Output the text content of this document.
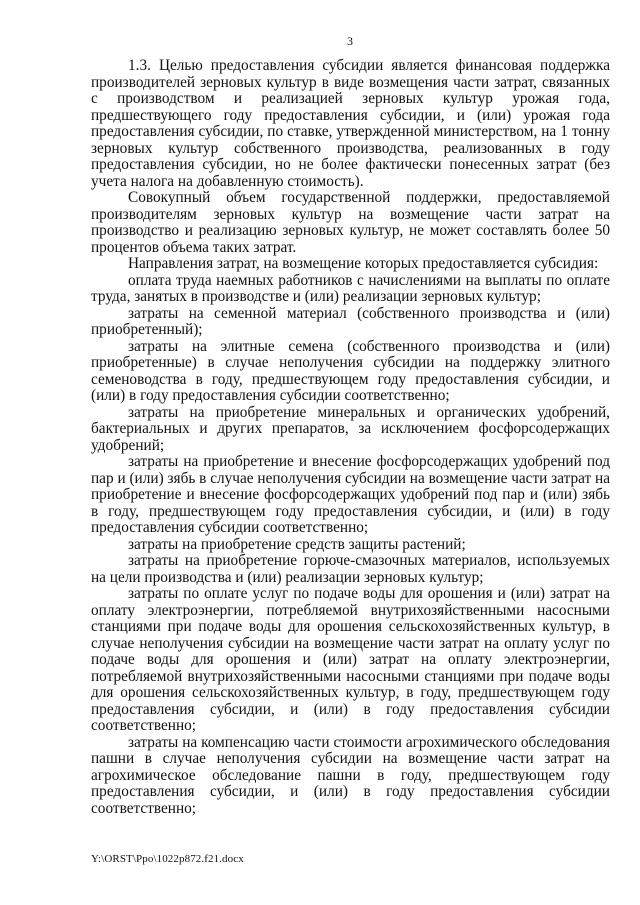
3

1.3. Целью предоставления субсидии является финансовая поддержка производителей зерновых культур в виде возмещения части затрат, связанных с производством и реализацией зерновых культур урожая года, предшествующего году предоставления субсидии, и (или) урожая года предоставления субсидии, по ставке, утвержденной министерством, на 1 тонну зерновых культур собственного производства, реализованных в году предоставления субсидии, но не более фактически понесенных затрат (без учета налога на добавленную стоимость).

Совокупный объем государственной поддержки, предоставляемой производителям зерновых культур на возмещение части затрат на производство и реализацию зерновых культур, не может составлять более 50 процентов объема таких затрат.

Направления затрат, на возмещение которых предоставляется субсидия:

оплата труда наемных работников с начислениями на выплаты по оплате труда, занятых в производстве и (или) реализации зерновых культур;

затраты на семенной материал (собственного производства и (или) приобретенный);

затраты на элитные семена (собственного производства и (или) приобретенные) в случае неполучения субсидии на поддержку элитного семеноводства в году, предшествующем году предоставления субсидии, и (или) в году предоставления субсидии соответственно;

затраты на приобретение минеральных и органических удобрений, бактериальных и других препаратов, за исключением фосфорсодержащих удобрений;

затраты на приобретение и внесение фосфорсодержащих удобрений под пар и (или) зябь в случае неполучения субсидии на возмещение части затрат на приобретение и внесение фосфорсодержащих удобрений под пар и (или) зябь в году, предшествующем году предоставления субсидии, и (или) в году предоставления субсидии соответственно;

затраты на приобретение средств защиты растений;

затраты на приобретение горюче-смазочных материалов, используемых на цели производства и (или) реализации зерновых культур;

затраты по оплате услуг по подаче воды для орошения и (или) затрат на оплату электроэнергии, потребляемой внутрихозяйственными насосными станциями при подаче воды для орошения сельскохозяйственных культур, в случае неполучения субсидии на возмещение части затрат на оплату услуг по подаче воды для орошения и (или) затрат на оплату электроэнергии, потребляемой внутрихозяйственными насосными станциями при подаче воды для орошения сельскохозяйственных культур, в году, предшествующем году предоставления субсидии, и (или) в году предоставления субсидии соответственно;

затраты на компенсацию части стоимости агрохимического обследования пашни в случае неполучения субсидии на возмещение части затрат на агрохимическое обследование пашни в году, предшествующем году предоставления субсидии, и (или) в году предоставления субсидии соответственно;

Y:\ORST\Ppo\1022p872.f21.docx
